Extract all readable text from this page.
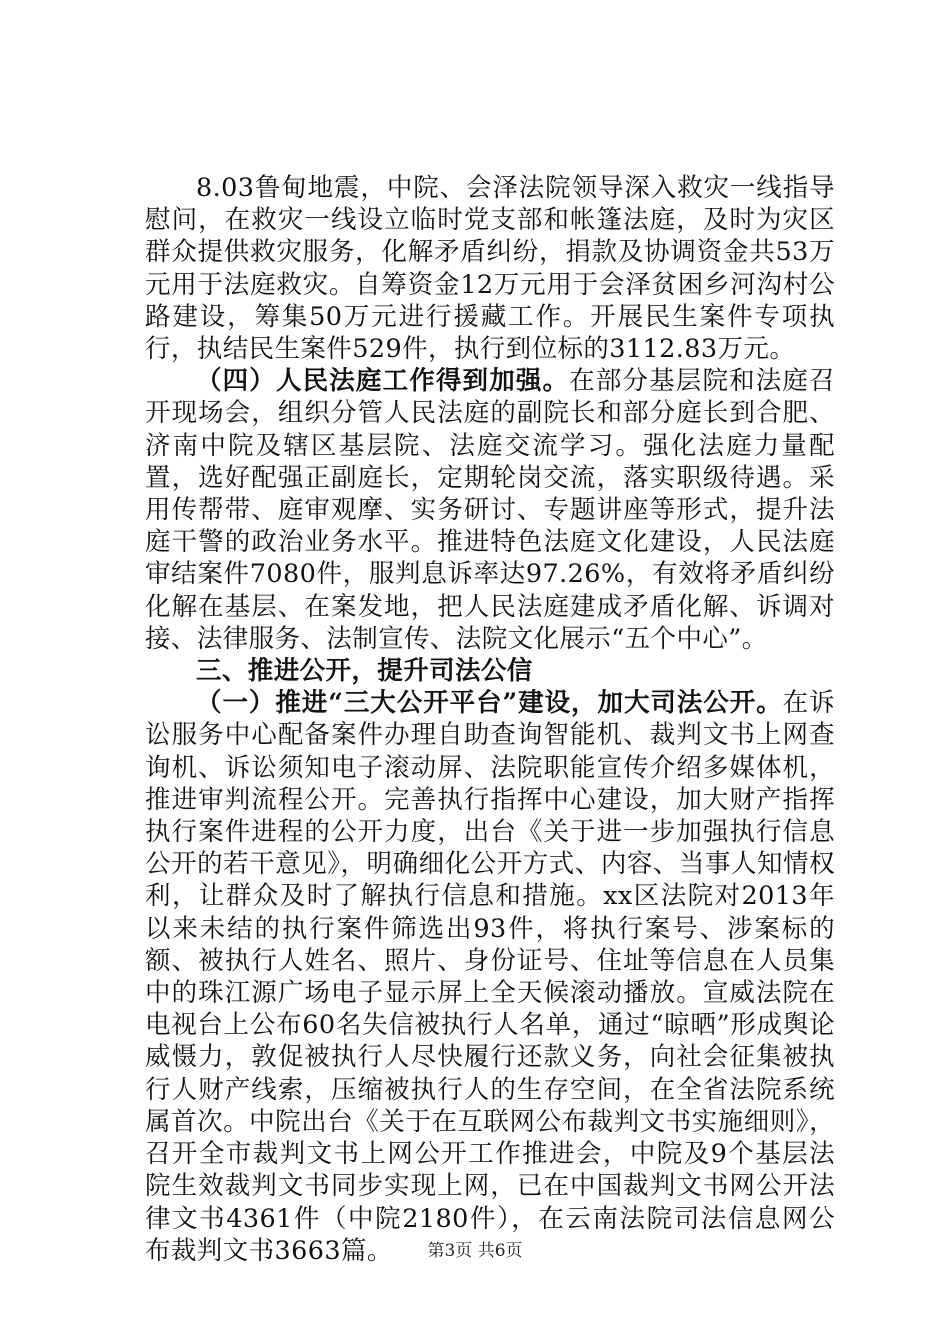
8.03鲁甸地震，中院、会泽法院领导深入救灾一线指导慰问，在救灾一线设立临时党支部和帐篷法庭，及时为灾区群众提供救灾服务，化解矛盾纠纷，捐款及协调资金共53万元用于法庭救灾。自筹资金12万元用于会泽贫困乡河沟村公路建设，筹集50万元进行援藏工作。开展民生案件专项执行，执结民生案件529件，执行到位标的3112.83万元。

（四）人民法庭工作得到加强。在部分基层院和法庭召开现场会，组织分管人民法庭的副院长和部分庭长到合肥、济南中院及辖区基层院、法庭交流学习。强化法庭力量配置，选好配强正副庭长，定期轮岗交流，落实职级待遇。采用传帮带、庭审观摩、实务研讨、专题讲座等形式，提升法庭干警的政治业务水平。推进特色法庭文化建设，人民法庭审结案件7080件，服判息诉率达97.26%，有效将矛盾纠纷化解在基层、在案发地，把人民法庭建成矛盾化解、诉调对接、法律服务、法制宣传、法院文化展示“五个中心”。

三、推进公开，提升司法公信

（一）推进“三大公开平台”建设，加大司法公开。在诉讼服务中心配备案件办理自助查询智能机、裁判文书上网查询机、诉讼须知电子滚动屏、法院职能宣传介绍多媒体机，推进审判流程公开。完善执行指挥中心建设，加大财产指挥执行案件进程的公开力度，出台《关于进一步加强执行信息公开的若干意见》，明确细化公开方式、内容、当事人知情权利，让群众及时了解执行信息和措施。xx区法院对2013年以来未结的执行案件筛选出93件，将执行案号、涉案标的额、被执行人姓名、照片、身份证号、住址等信息在人员集中的珠江源广场电子显示屏上全天候滚动播放。宣威法院在电视台上公布60名失信被执行人名单，通过“晾晒”形成舆论威慑力，敦促被执行人尽快履行还款义务，向社会征集被执行人财产线索，压缩被执行人的生存空间，在全省法院系统属首次。中院出台《关于在互联网公布裁判文书实施细则》，召开全市裁判文书上网公开工作推进会，中院及9个基层法院生效裁判文书同步实现上网，已在中国裁判文书网公开法律文书4361件（中院2180件），在云南法院司法信息网公布裁判文书3663篇。	第3页 共6页
